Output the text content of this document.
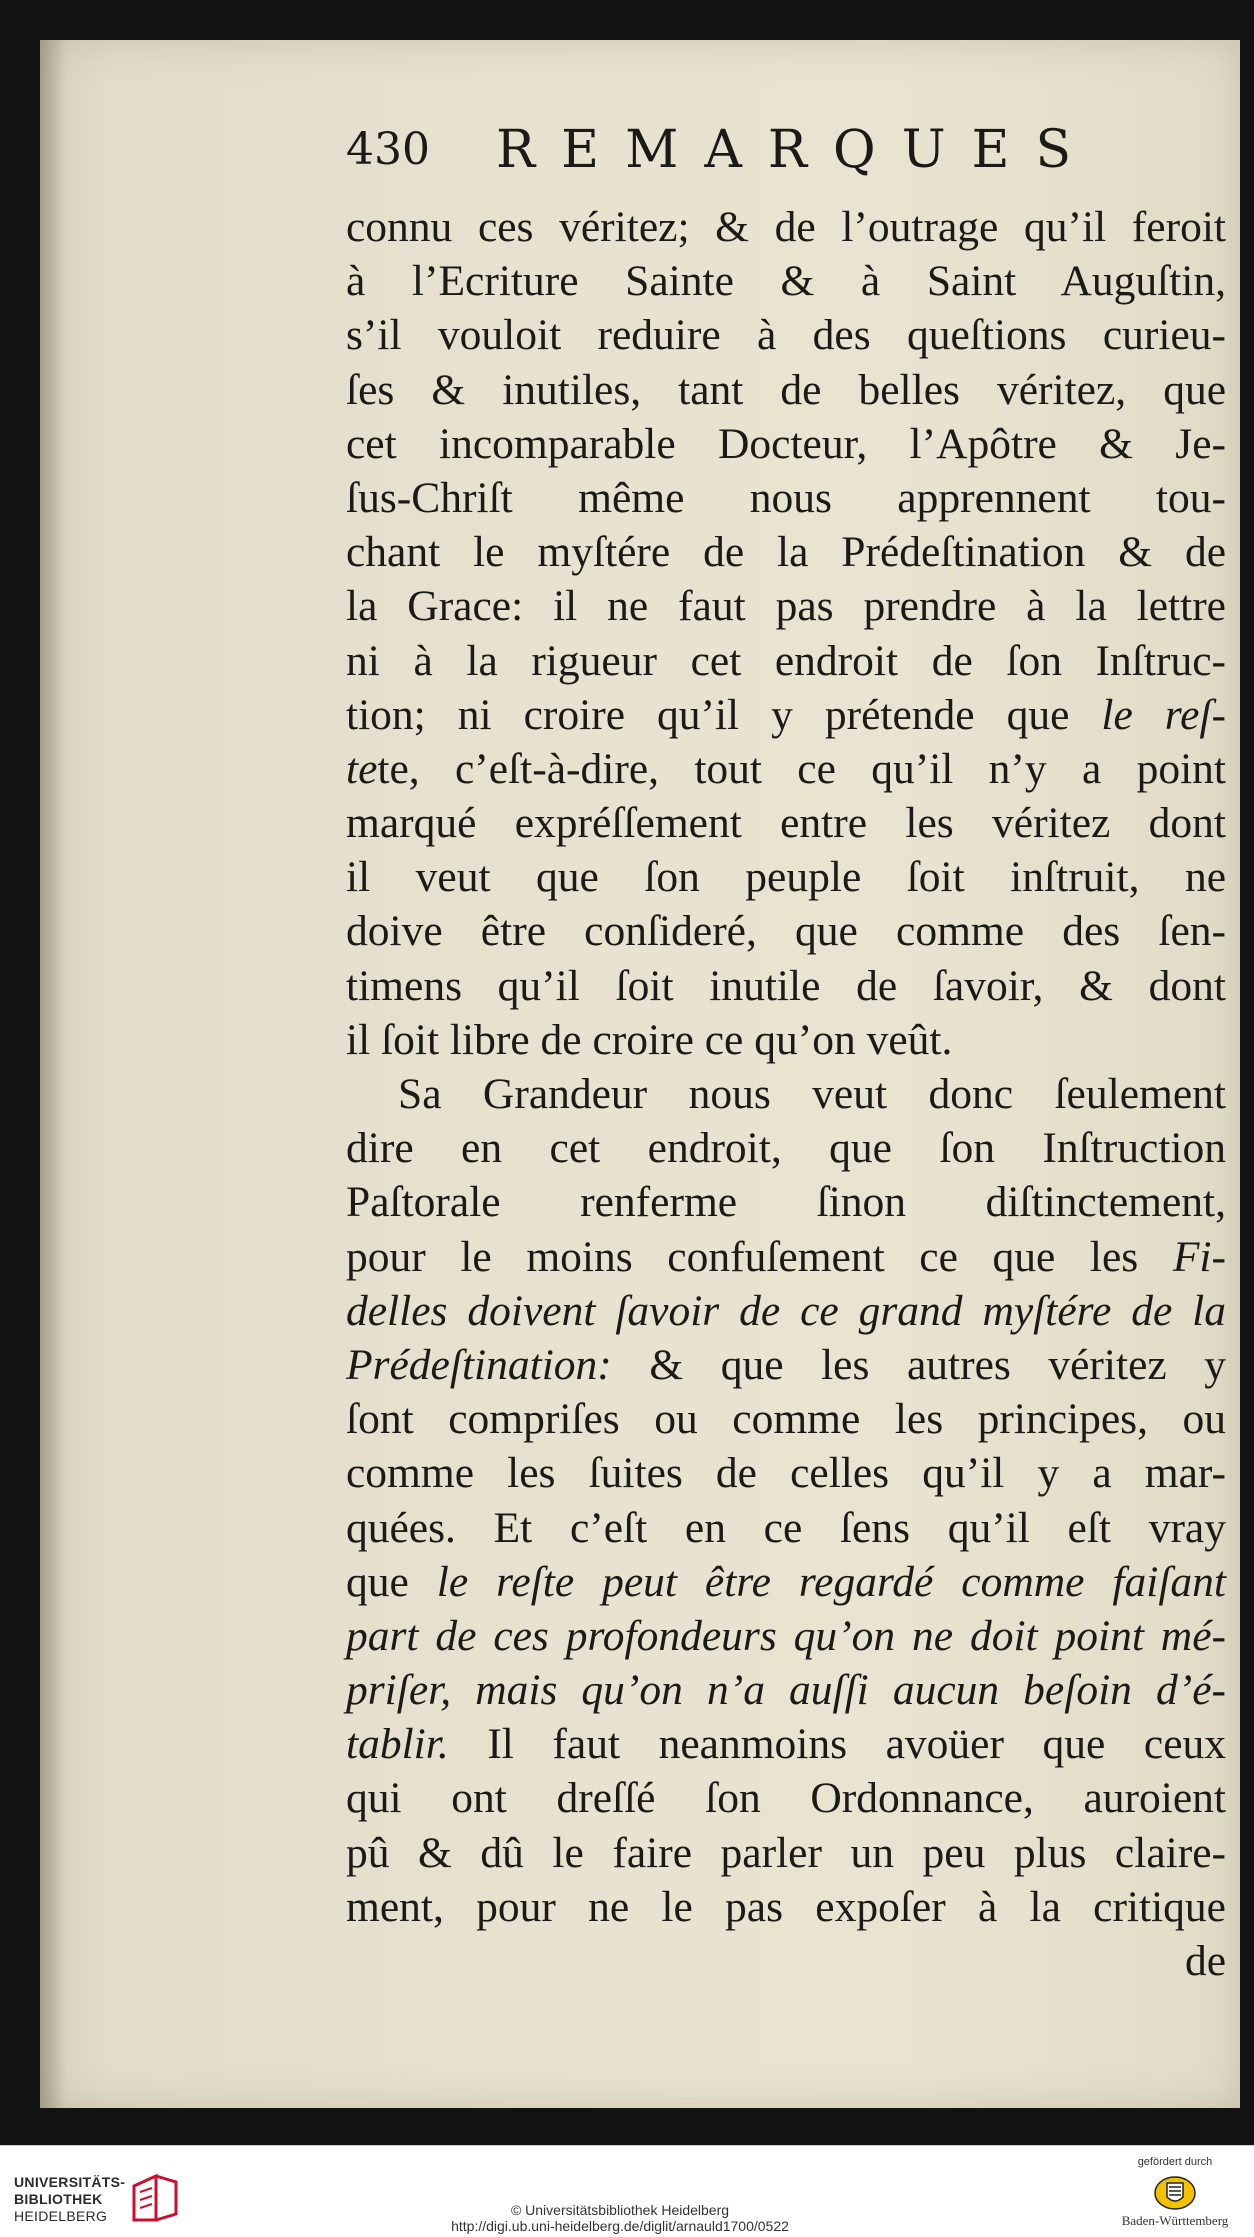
430 REMARQUES
connu ces véritez; & de l’outrage qu’il feroit
à l’Ecriture Sainte & à Saint Auguſtin,
s’il vouloit reduire à des queſtions curieu-
ſes & inutiles, tant de belles véritez, que
cet incomparable Docteur, l’Apôtre & Je-
ſus-Chriſt même nous apprennent tou-
chant le myſtére de la Prédeſtination & de
la Grace: il ne faut pas prendre à la lettre
ni à la rigueur cet endroit de ſon Inſtruc-
tion; ni croire qu’il y prétende que le reſ-
tete, c’eſt-à-dire, tout ce qu’il n’y a point
marqué expréſſement entre les véritez dont
il veut que ſon peuple ſoit inſtruit, ne
doive être conſideré, que comme des ſen-
timens qu’il ſoit inutile de ſavoir, & dont
il ſoit libre de croire ce qu’on veût.
Sa Grandeur nous veut donc ſeulement
dire en cet endroit, que ſon Inſtruction
Paſtorale renferme ſinon diſtinctement,
pour le moins confuſement ce que les Fi-
delles doivent ſavoir de ce grand myſtére de la
Prédeſtination: & que les autres véritez y
ſont compriſes ou comme les principes, ou
comme les ſuites de celles qu’il y a mar-
quées. Et c’eſt en ce ſens qu’il eſt vray
que le reſte peut être regardé comme faiſant
part de ces profondeurs qu’on ne doit point mé-
priſer, mais qu’on n’a auſſi aucun beſoin d’é-
tablir. Il faut neanmoins avoüer que ceux
qui ont dreſſé ſon Ordonnance, auroient
pû & dû le faire parler un peu plus claire-
ment, pour ne le pas expoſer à la critique
de
UNIVERSITÄTS-
BIBLIOTHEK
HEIDELBERG	© Universitätsbibliothek Heidelberg
http://digi.ub.uni-heidelberg.de/diglit/arnauld1700/0522
gefördert durch
Baden-Württemberg
